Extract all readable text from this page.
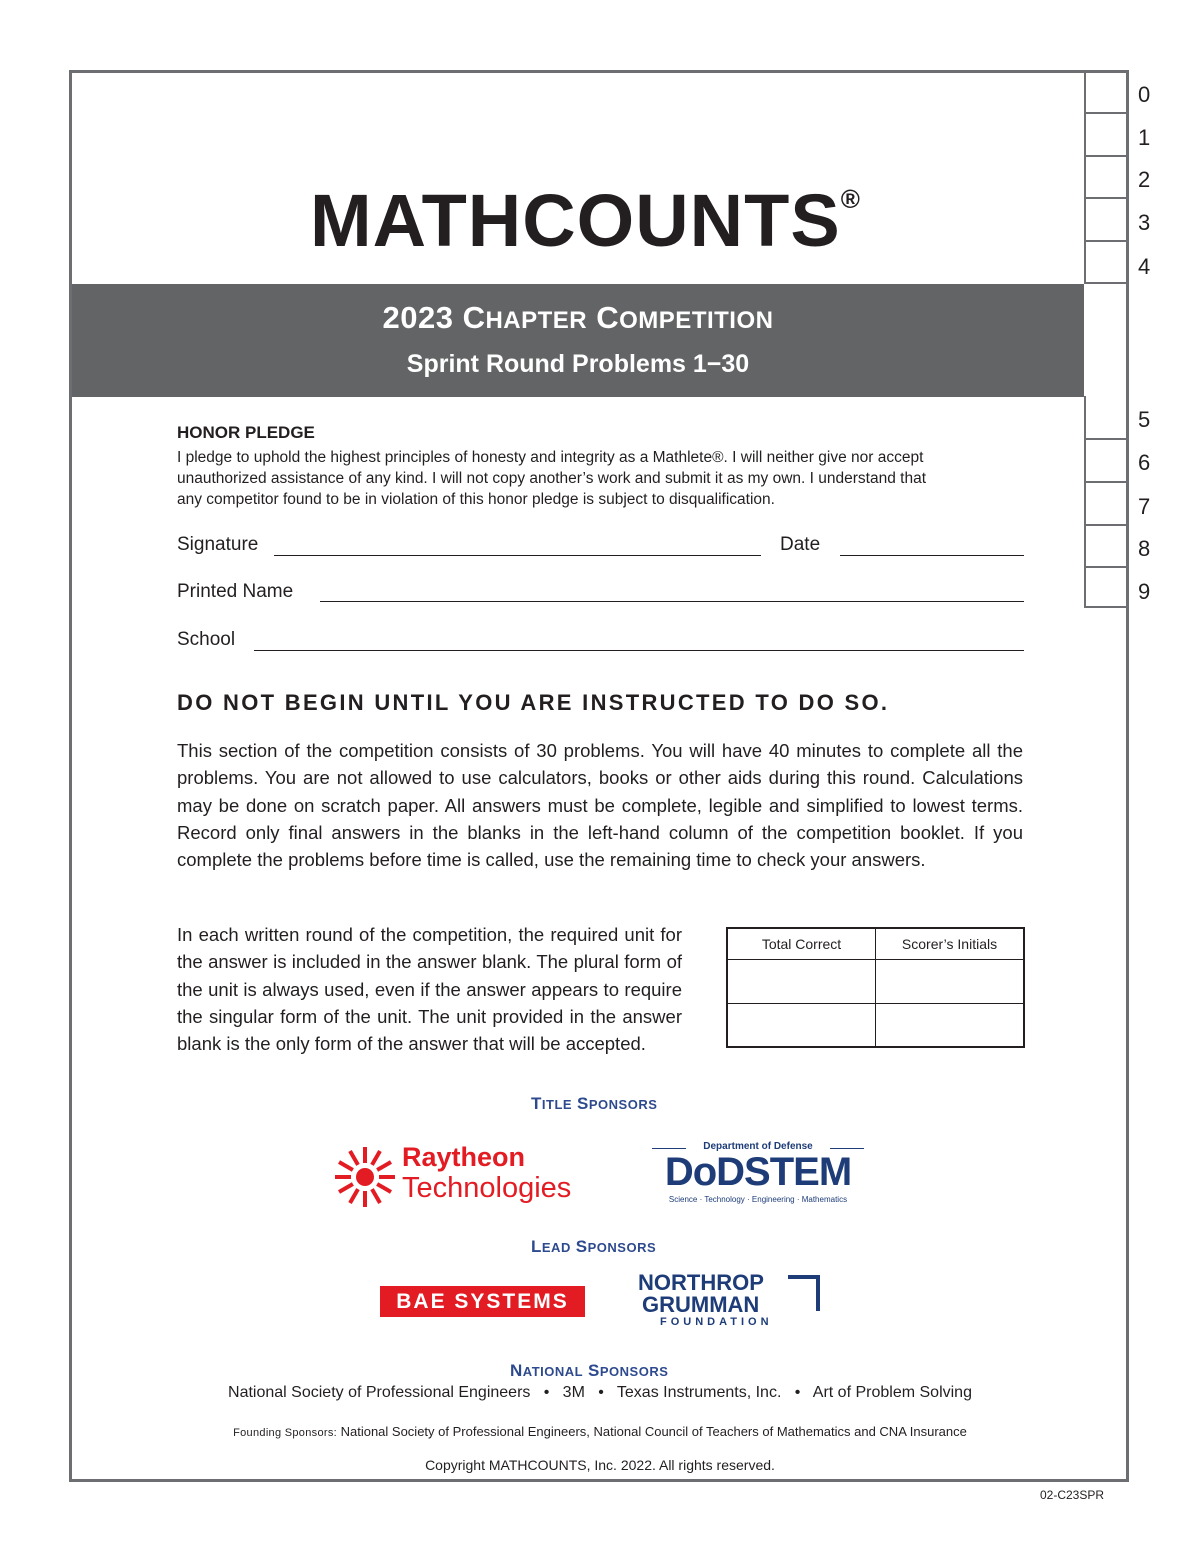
MATHCOUNTS®
2023 CHAPTER COMPETITION
Sprint Round Problems 1−30
0
1
2
3
4
5
6
7
8
9
HONOR PLEDGE
I pledge to uphold the highest principles of honesty and integrity as a Mathlete®. I will neither give nor accept
unauthorized assistance of any kind. I will not copy another’s work and submit it as my own. I understand that
any competitor found to be in violation of this honor pledge is subject to disqualification.
Signature	Date
Printed Name
School
DO NOT BEGIN UNTIL YOU ARE INSTRUCTED TO DO SO.
This section of the competition consists of 30 problems. You will have 40 minutes to complete all the problems. You are not allowed to use calculators, books or other aids during this round. Calculations may be done on scratch paper. All answers must be complete, legible and simplified to lowest terms. Record only final answers in the blanks in the left-hand column of the competition booklet. If you complete the problems before time is called, use the remaining time to check your answers.
In each written round of the competition, the required unit for the answer is included in the answer blank. The plural form of the unit is always used, even if the answer appears to require the singular form of the unit. The unit provided in the answer blank is the only form of the answer that will be accepted.
Total Correct	Scorer’s Initials
TITLE SPONSORS
Raytheon
Technologies
Department of Defense
DoDSTEM
Science · Technology · Engineering · Mathematics
LEAD SPONSORS
BAE SYSTEMS
NORTHROP
GRUMMAN
FOUNDATION
NATIONAL SPONSORS
National Society of Professional Engineers   •   3M   •   Texas Instruments, Inc.   •   Art of Problem Solving
Founding Sponsors: National Society of Professional Engineers, National Council of Teachers of Mathematics and CNA Insurance
Copyright MATHCOUNTS, Inc. 2022. All rights reserved.
02-C23SPR
